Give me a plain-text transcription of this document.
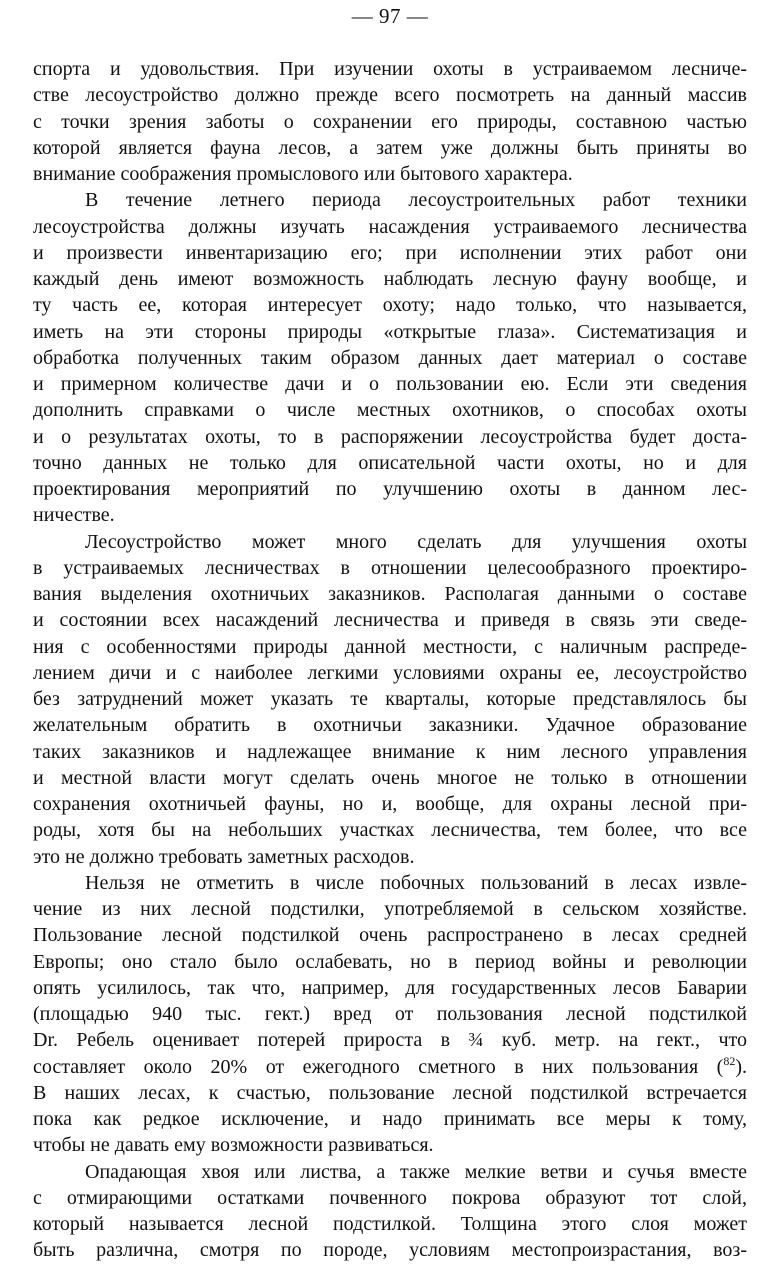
— 97 —
спорта и удовольствия. При изучении охоты в устраиваемом лесниче-
стве лесоустройство должно прежде всего посмотреть на данный массив
с точки зрения заботы о сохранении его природы, составною частью
которой является фауна лесов, а затем уже должны быть приняты во
внимание соображения промыслового или бытового характера.
В течение летнего периода лесоустроительных работ техники
лесоустройства должны изучать насаждения устраиваемого лесничества
и произвести инвентаризацию его; при исполнении этих работ они
каждый день имеют возможность наблюдать лесную фауну вообще, и
ту часть ее, которая интересует охоту; надо только, что называется,
иметь на эти стороны природы «открытые глаза». Систематизация и
обработка полученных таким образом данных дает материал о составе
и примерном количестве дачи и о пользовании ею. Если эти сведения
дополнить справками о числе местных охотников, о способах охоты
и о результатах охоты, то в распоряжении лесоустройства будет доста-
точно данных не только для описательной части охоты, но и для
проектирования мероприятий по улучшению охоты в данном лес-
ничестве.
Лесоустройство может много сделать для улучшения охоты
в устраиваемых лесничествах в отношении целесообразного проектиро-
вания выделения охотничьих заказников. Располагая данными о составе
и состоянии всех насаждений лесничества и приведя в связь эти сведе-
ния с особенностями природы данной местности, с наличным распреде-
лением дичи и с наиболее легкими условиями охраны ее, лесоустройство
без затруднений может указать те кварталы, которые представлялось бы
желательным обратить в охотничьи заказники. Удачное образование
таких заказников и надлежащее внимание к ним лесного управления
и местной власти могут сделать очень многое не только в отношении
сохранения охотничьей фауны, но и, вообще, для охраны лесной при-
роды, хотя бы на небольших участках лесничества, тем более, что все
это не должно требовать заметных расходов.
Нельзя не отметить в числе побочных пользований в лесах извле-
чение из них лесной подстилки, употребляемой в сельском хозяйстве.
Пользование лесной подстилкой очень распространено в лесах средней
Европы; оно стало было ослабевать, но в период войны и революции
опять усилилось, так что, например, для государственных лесов Баварии
(площадью 940 тыс. гект.) вред от пользования лесной подстилкой
Dr. Ребель оценивает потерей прироста в ¾ куб. метр. на гект., что
составляет около 20% от ежегодного сметного в них пользования ($^{82}$).
В наших лесах, к счастью, пользование лесной подстилкой встречается
пока как редкое исключение, и надо принимать все меры к тому,
чтобы не давать ему возможности развиваться.
Опадающая хвоя или листва, а также мелкие ветви и сучья вместе
с отмирающими остатками почвенного покрова образуют тот слой,
который называется лесной подстилкой. Толщина этого слоя может
быть различна, смотря по породе, условиям местопроизрастания, воз-
